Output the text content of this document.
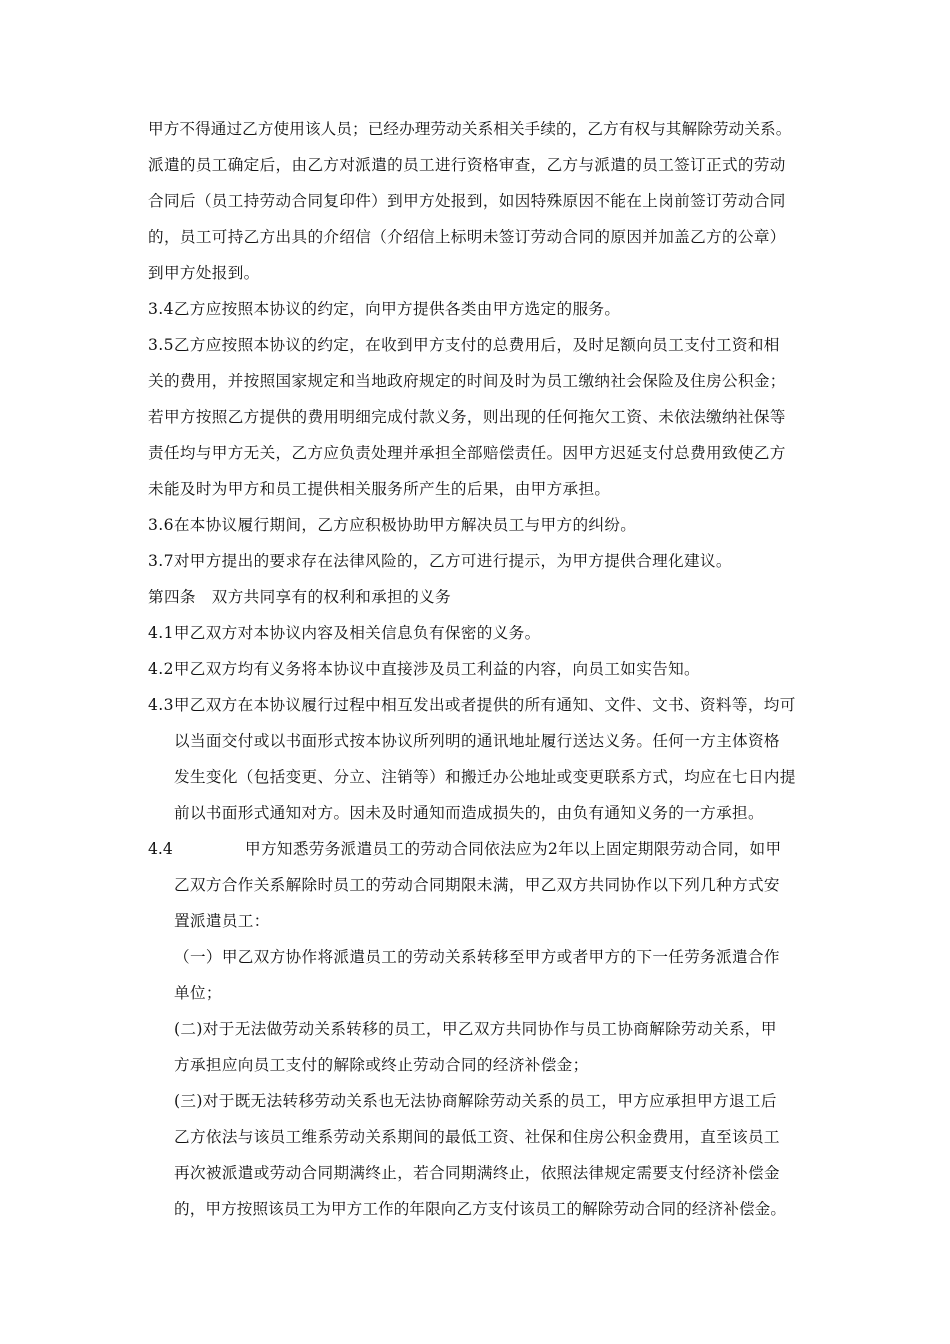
甲方不得通过乙方使用该人员；已经办理劳动关系相关手续的，乙方有权与其解除劳动关系。

派遣的员工确定后，由乙方对派遣的员工进行资格审查，乙方与派遣的员工签订正式的劳动

合同后（员工持劳动合同复印件）到甲方处报到，如因特殊原因不能在上岗前签订劳动合同

的，员工可持乙方出具的介绍信（介绍信上标明未签订劳动合同的原因并加盖乙方的公章）

到甲方处报到。

3.4乙方应按照本协议的约定，向甲方提供各类由甲方选定的服务。

3.5乙方应按照本协议的约定，在收到甲方支付的总费用后，及时足额向员工支付工资和相

关的费用，并按照国家规定和当地政府规定的时间及时为员工缴纳社会保险及住房公积金；

若甲方按照乙方提供的费用明细完成付款义务，则出现的任何拖欠工资、未依法缴纳社保等

责任均与甲方无关，乙方应负责处理并承担全部赔偿责任。因甲方迟延支付总费用致使乙方

未能及时为甲方和员工提供相关服务所产生的后果，由甲方承担。

3.6在本协议履行期间，乙方应积极协助甲方解决员工与甲方的纠纷。

3.7对甲方提出的要求存在法律风险的，乙方可进行提示，为甲方提供合理化建议。

第四条　双方共同享有的权利和承担的义务

4.1甲乙双方对本协议内容及相关信息负有保密的义务。

4.2甲乙双方均有义务将本协议中直接涉及员工利益的内容，向员工如实告知。

4.3甲乙双方在本协议履行过程中相互发出或者提供的所有通知、文件、文书、资料等，均可

以当面交付或以书面形式按本协议所列明的通讯地址履行送达义务。任何一方主体资格

发生变化（包括变更、分立、注销等）和搬迁办公地址或变更联系方式，均应在七日内提

前以书面形式通知对方。因未及时通知而造成损失的，由负有通知义务的一方承担。

4.4	甲方知悉劳务派遣员工的劳动合同依法应为2年以上固定期限劳动合同，如甲

乙双方合作关系解除时员工的劳动合同期限未满，甲乙双方共同协作以下列几种方式安

置派遣员工：

（一）甲乙双方协作将派遣员工的劳动关系转移至甲方或者甲方的下一任劳务派遣合作

单位；

(二)对于无法做劳动关系转移的员工，甲乙双方共同协作与员工协商解除劳动关系，甲

方承担应向员工支付的解除或终止劳动合同的经济补偿金；

(三)对于既无法转移劳动关系也无法协商解除劳动关系的员工，甲方应承担甲方退工后

乙方依法与该员工维系劳动关系期间的最低工资、社保和住房公积金费用，直至该员工

再次被派遣或劳动合同期满终止，若合同期满终止，依照法律规定需要支付经济补偿金

的，甲方按照该员工为甲方工作的年限向乙方支付该员工的解除劳动合同的经济补偿金。
